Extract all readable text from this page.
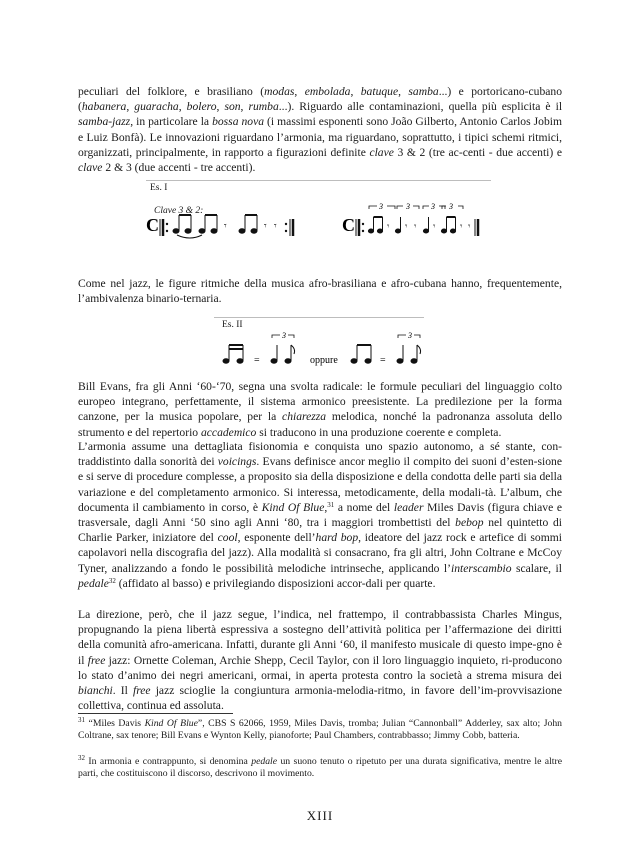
peculiari del folklore, e brasiliano (modas, embolada, batuque, samba...) e portoricano-cubano (habanera, guaracha, bolero, son, rumba...). Riguardo alle contaminazioni, quella più esplicita è il samba-jazz, in particolare la bossa nova (i massimi esponenti sono João Gilberto, Antonio Carlos Jobim e Luiz Bonfà). Le innovazioni riguardano l’armonia, ma riguardano, soprattutto, i tipici schemi ritmici, organizzati, principalmente, in rapporto a figurazioni definite clave 3 & 2 (tre ac-centi - due accenti) e clave 2 & 3 (due accenti - tre accenti).

Es. I
Clave 3 & 2:
C	𝄾	𝄾 𝄾	C	𝄾 𝄾 𝄾 𝄾	𝄾 𝄾
3	3	3 3

Come nel jazz, le figure ritmiche della musica afro-brasiliana e afro-cubana hanno, frequentemente, l’ambivalenza binario-ternaria.

Es. II
3	3
=	=
oppure

Bill Evans, fra gli Anni ‘60-‘70, segna una svolta radicale: le formule peculiari del linguaggio colto europeo integrano, perfettamente, il sistema armonico preesistente. La predilezione per la forma canzone, per la musica popolare, per la chiarezza melodica, nonché la padronanza assoluta dello strumento e del repertorio accademico si traducono in una produzione coerente e completa.

L’armonia assume una dettagliata fisionomia e conquista uno spazio autonomo, a sé stante, con-traddistinto dalla sonorità dei voicings. Evans definisce ancor meglio il compito dei suoni d’esten-sione e si serve di procedure complesse, a proposito sia della disposizione e della condotta delle parti sia della variazione e del completamento armonico. Si interessa, metodicamente, della modali-tà. L’album, che documenta il cambiamento in corso, è Kind Of Blue,$^{31}$ a nome del leader Miles Davis (figura chiave e trasversale, dagli Anni ‘50 sino agli Anni ‘80, tra i maggiori trombettisti del bebop nel quintetto di Charlie Parker, iniziatore del cool, esponente dell’hard bop, ideatore del jazz rock e artefice di sommi capolavori nella discografia del jazz). Alla modalità si consacrano, fra gli altri, John Coltrane e McCoy Tyner, analizzando a fondo le possibilità melodiche intrinseche, applicando l’interscambio scalare, il pedale$^{32}$ (affidato al basso) e privilegiando disposizioni accor-dali per quarte.

La direzione, però, che il jazz segue, l’indica, nel frattempo, il contrabbassista Charles Mingus, propugnando la piena libertà espressiva a sostegno dell’attività politica per l’affermazione dei diritti della comunità afro-americana. Infatti, durante gli Anni ‘60, il manifesto musicale di questo impe-gno è il free jazz: Ornette Coleman, Archie Shepp, Cecil Taylor, con il loro linguaggio inquieto, ri-producono lo stato d’animo dei negri americani, ormai, in aperta protesta contro la società a strema misura dei bianchi. Il free jazz scioglie la congiuntura armonia-melodia-ritmo, in favore dell’im-provvisazione collettiva, continua ed assoluta.

$^{31}$ “Miles Davis Kind Of Blue”, CBS S 62066, 1959, Miles Davis, tromba; Julian “Cannonball” Adderley, sax alto; John Coltrane, sax tenore; Bill Evans e Wynton Kelly, pianoforte; Paul Chambers, contrabbasso; Jimmy Cobb, batteria.

$^{32}$ In armonia e contrappunto, si denomina pedale un suono tenuto o ripetuto per una durata significativa, mentre le altre parti, che costituiscono il discorso, descrivono il movimento.

XIII
